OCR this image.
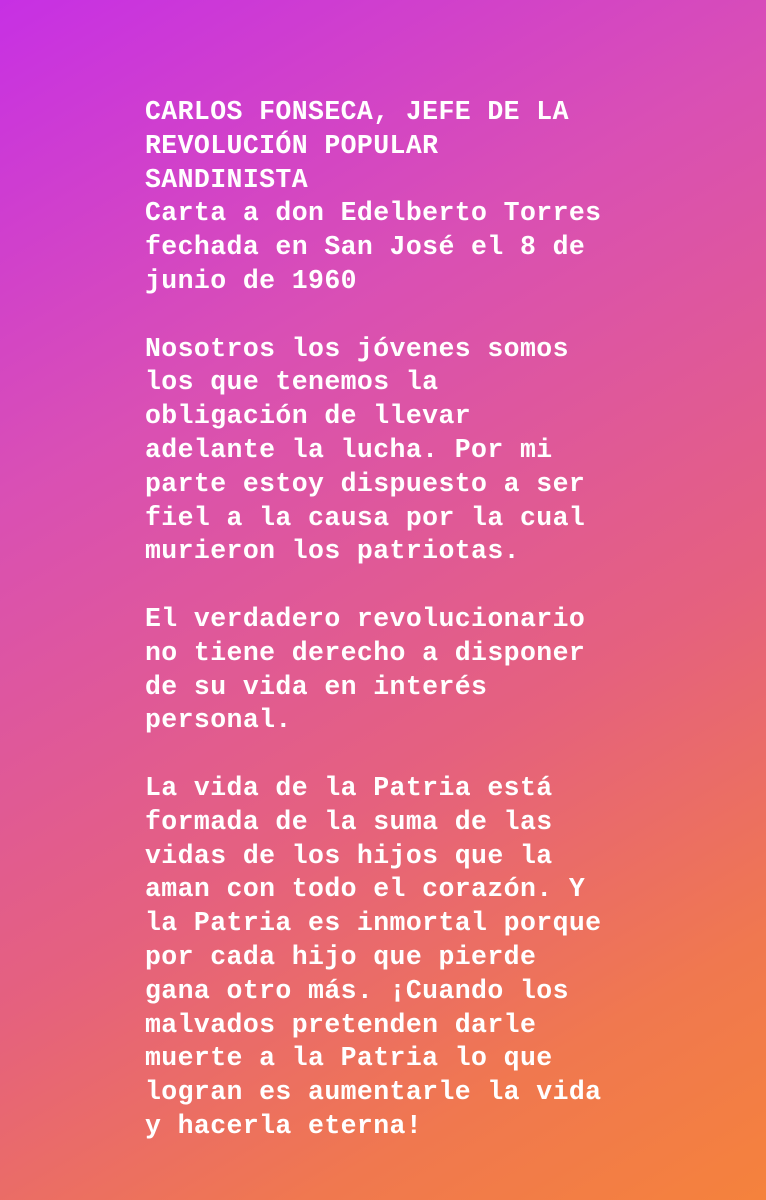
CARLOS FONSECA, JEFE DE LA
REVOLUCIÓN POPULAR
SANDINISTA
Carta a don Edelberto Torres
fechada en San José el 8 de
junio de 1960
Nosotros los jóvenes somos
los que tenemos la
obligación de llevar
adelante la lucha. Por mi
parte estoy dispuesto a ser
fiel a la causa por la cual
murieron los patriotas.
El verdadero revolucionario
no tiene derecho a disponer
de su vida en interés
personal.
La vida de la Patria está
formada de la suma de las
vidas de los hijos que la
aman con todo el corazón. Y
la Patria es inmortal porque
por cada hijo que pierde
gana otro más. ¡Cuando los
malvados pretenden darle
muerte a la Patria lo que
logran es aumentarle la vida
y hacerla eterna!
